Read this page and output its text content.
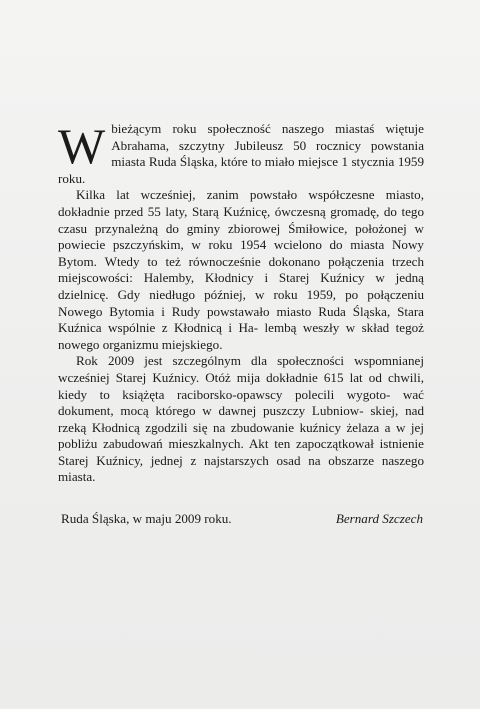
W bieżącym roku społeczność naszego miastaś więtuje Abrahama, szczytny Jubileusz 50 rocznicy powstania miasta Ruda Śląska, które to miało miejsce 1 stycznia 1959 roku.

Kilka lat wcześniej, zanim powstało współczesne miasto, dokładnie przed 55 laty, Starą Kuźnicę, ówczesną gromadę, do tego czasu przynależną do gminy zbiorowej Śmiłowice, położonej w powiecie pszczyńskim, w roku 1954 wcielono do miasta Nowy Bytom. Wtedy to też równocześnie dokonano połączenia trzech miejscowości: Halemby, Kłodnicy i Starej Kuźnicy w jedną dzielnicę. Gdy niedługo później, w roku 1959, po połączeniu Nowego Bytomia i Rudy powstawało miasto Ruda Śląska, Stara Kuźnica wspólnie z Kłodnicą i Ha- lembą weszły w skład tegoż nowego organizmu miejskiego.

Rok 2009 jest szczególnym dla społeczności wspomnianej wcześniej Starej Kuźnicy. Otóż mija dokładnie 615 lat od chwili, kiedy to książęta raciborsko-opawscy polecili wygoto- wać dokument, mocą którego w dawnej puszczy Lubniow- skiej, nad rzeką Kłodnicą zgodzili się na zbudowanie kuźnicy żelaza a w jej pobliżu zabudowań mieszkalnych. Akt ten zapoczątkował istnienie Starej Kuźnicy, jednej z najstarszych osad na obszarze naszego miasta.

Ruda Śląska, w maju 2009 roku.	Bernard Szczech
